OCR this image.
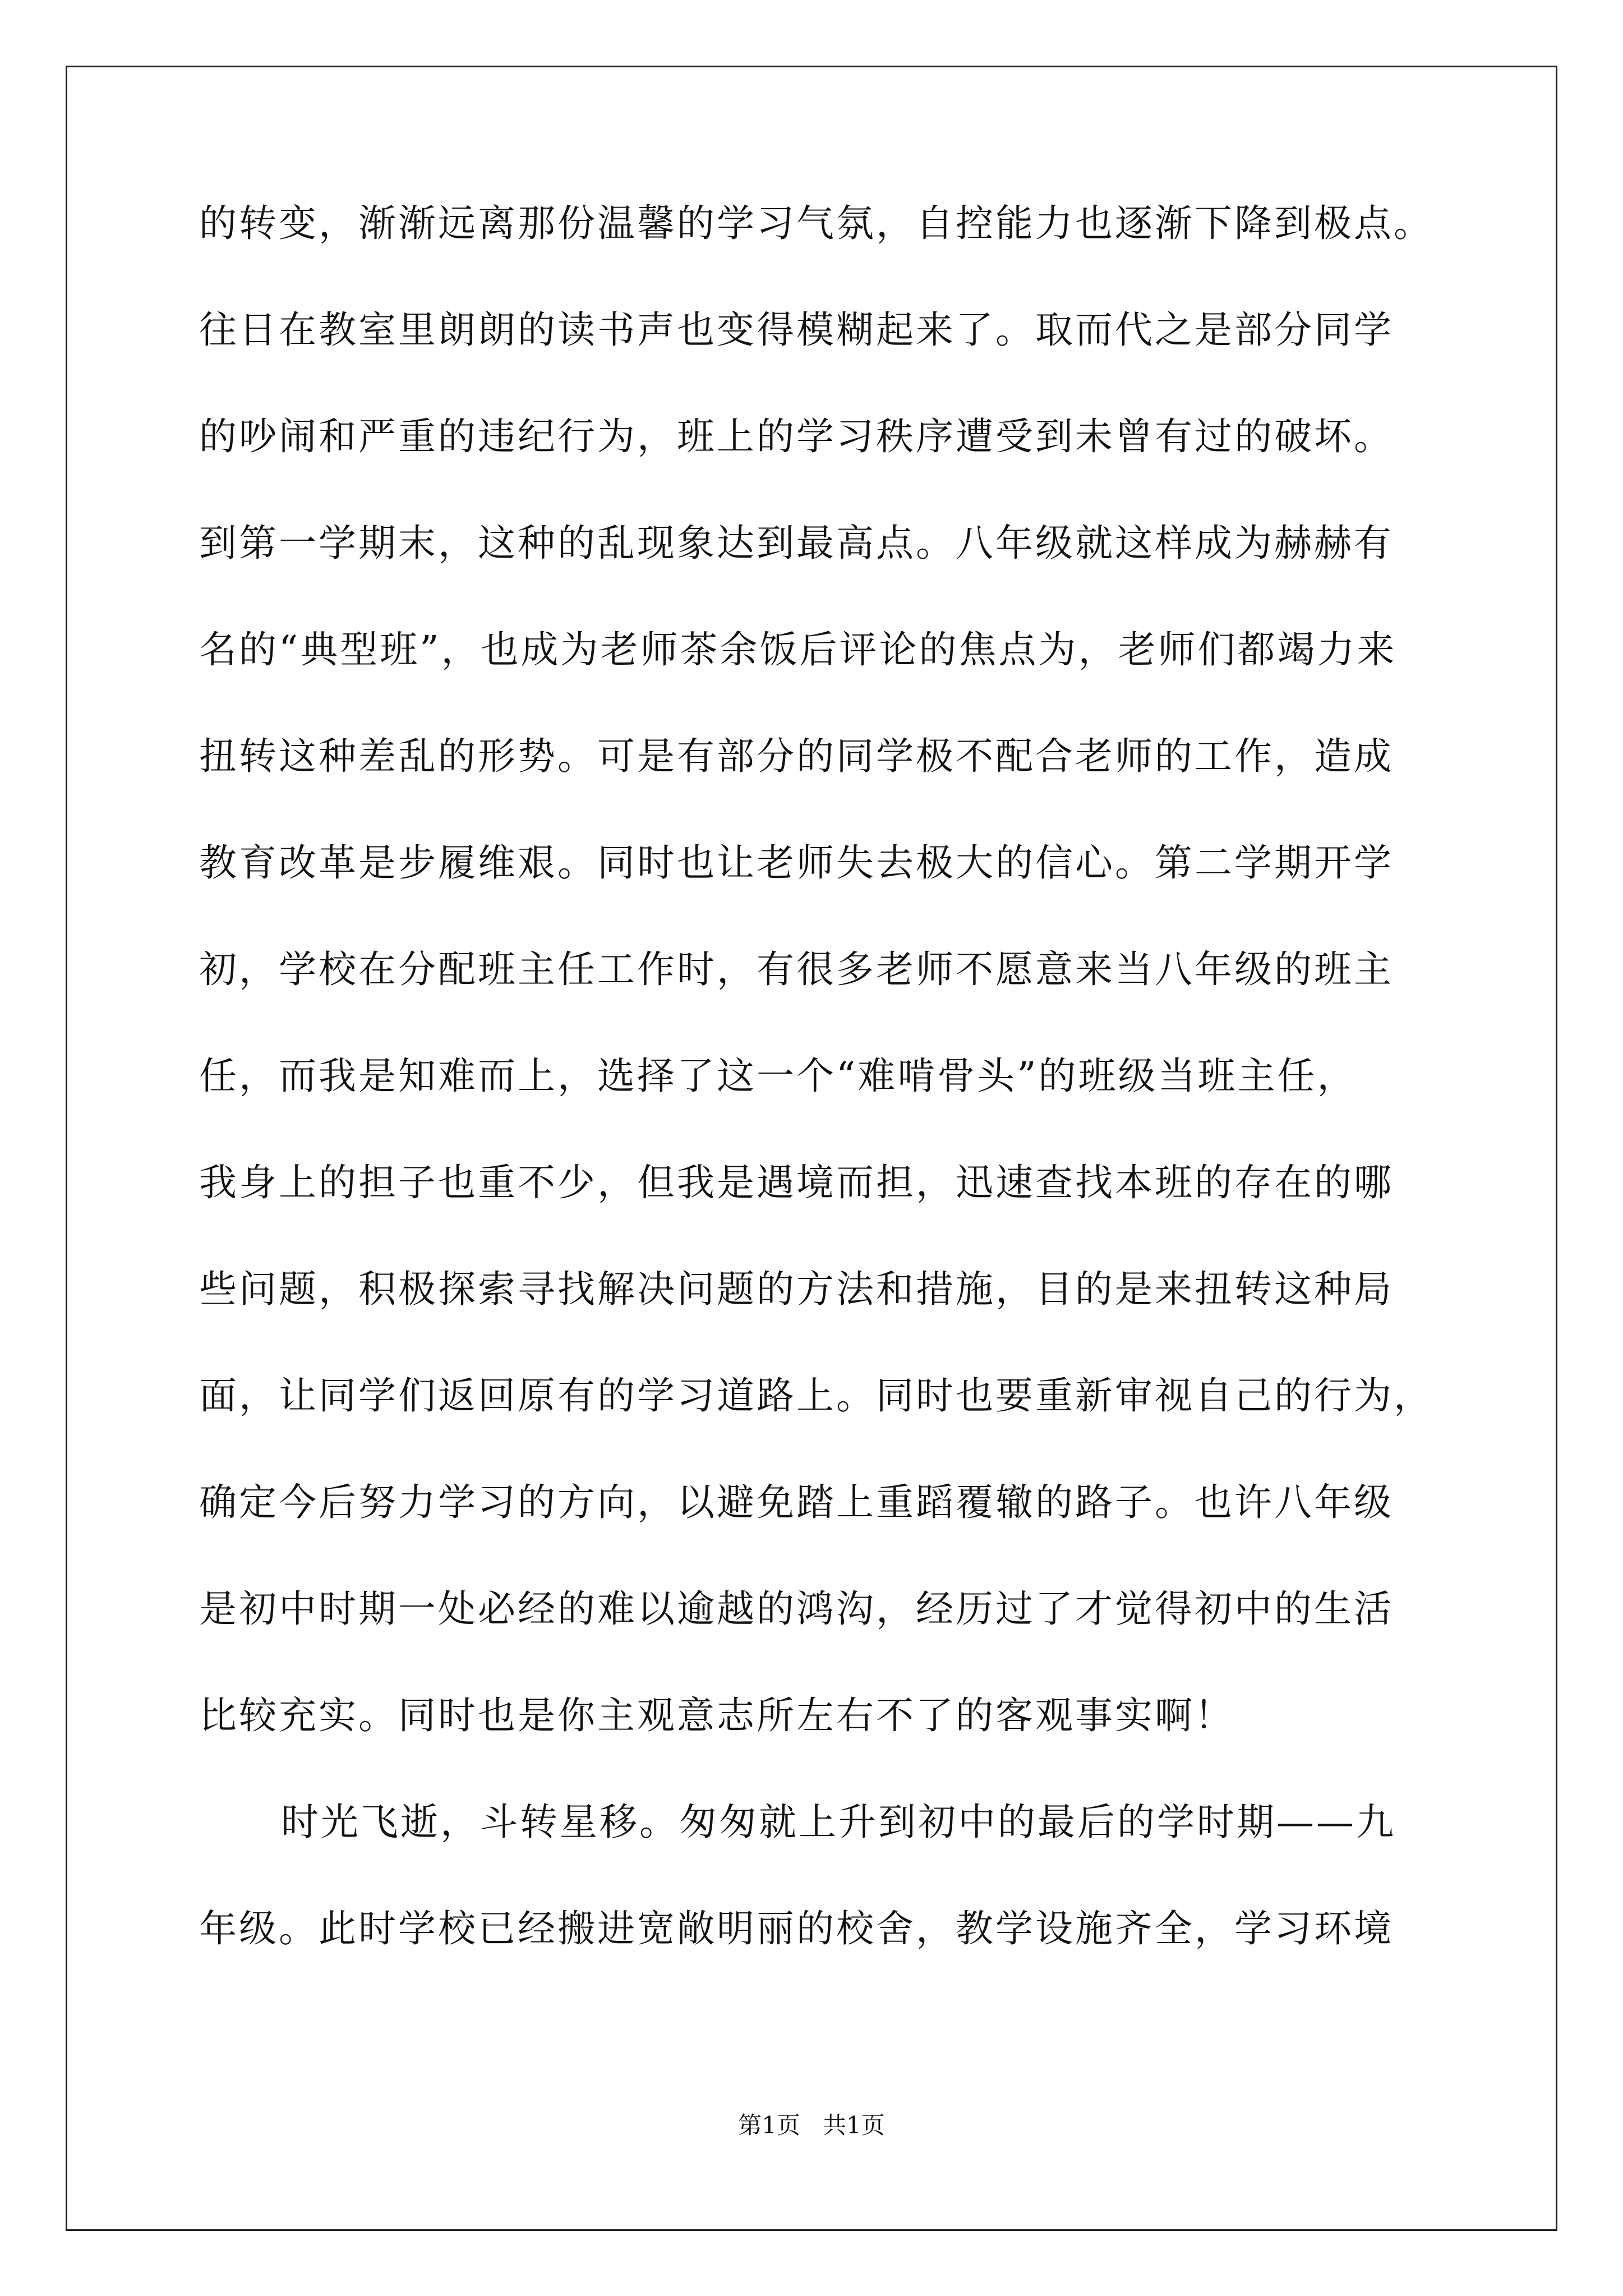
的转变，渐渐远离那份温馨的学习气氛，自控能力也逐渐下降到极点。
往日在教室里朗朗的读书声也变得模糊起来了。取而代之是部分同学
的吵闹和严重的违纪行为，班上的学习秩序遭受到未曾有过的破坏。
到第一学期末，这种的乱现象达到最高点。八年级就这样成为赫赫有
名的“典型班”，也成为老师茶余饭后评论的焦点为，老师们都竭力来
扭转这种差乱的形势。可是有部分的同学极不配合老师的工作，造成
教育改革是步履维艰。同时也让老师失去极大的信心。第二学期开学
初，学校在分配班主任工作时，有很多老师不愿意来当八年级的班主
任，而我是知难而上，选择了这一个“难啃骨头”的班级当班主任，
我身上的担子也重不少，但我是遇境而担，迅速查找本班的存在的哪
些问题，积极探索寻找解决问题的方法和措施，目的是来扭转这种局
面，让同学们返回原有的学习道路上。同时也要重新审视自己的行为，
确定今后努力学习的方向，以避免踏上重蹈覆辙的路子。也许八年级
是初中时期一处必经的难以逾越的鸿沟，经历过了才觉得初中的生活
比较充实。同时也是你主观意志所左右不了的客观事实啊！
时光飞逝，斗转星移。匆匆就上升到初中的最后的学时期——九
年级。此时学校已经搬进宽敞明丽的校舍，教学设施齐全，学习环境
第1页   共1页
